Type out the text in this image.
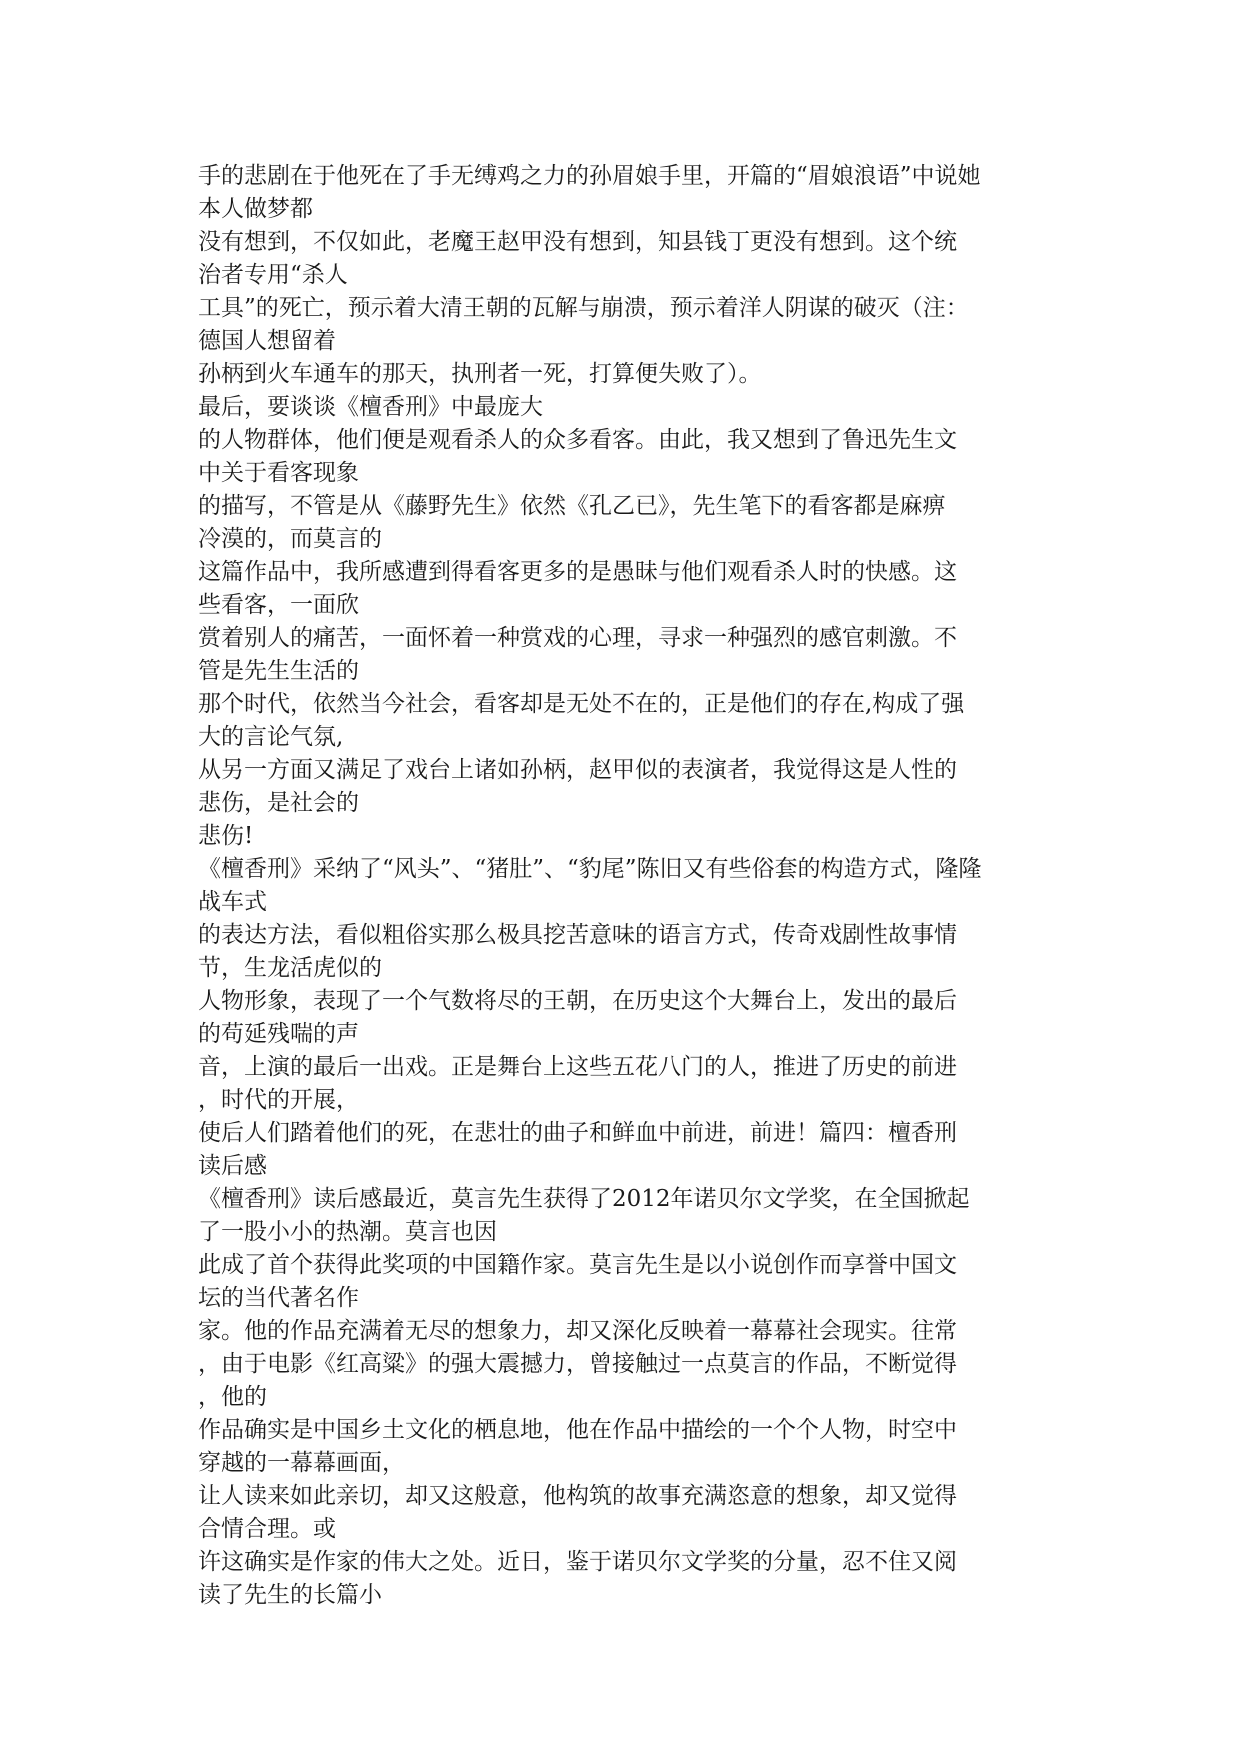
手的悲剧在于他死在了手无缚鸡之力的孙眉娘手里，开篇的“眉娘浪语”中说她
本人做梦都
没有想到，不仅如此，老魔王赵甲没有想到，知县钱丁更没有想到。这个统
治者专用“杀人
工具”的死亡，预示着大清王朝的瓦解与崩溃，预示着洋人阴谋的破灭（注：
德国人想留着
孙柄到火车通车的那天，执刑者一死，打算便失败了）。
最后，要谈谈《檀香刑》中最庞大
的人物群体，他们便是观看杀人的众多看客。由此，我又想到了鲁迅先生文
中关于看客现象
的描写，不管是从《藤野先生》依然《孔乙已》，先生笔下的看客都是麻痹
冷漠的，而莫言的
这篇作品中，我所感遭到得看客更多的是愚昧与他们观看杀人时的快感。这
些看客，一面欣
赏着别人的痛苦，一面怀着一种赏戏的心理，寻求一种强烈的感官刺激。不
管是先生生活的
那个时代，依然当今社会，看客却是无处不在的，正是他们的存在,构成了强
大的言论气氛,
从另一方面又满足了戏台上诸如孙柄，赵甲似的表演者，我觉得这是人性的
悲伤，是社会的
悲伤!
《檀香刑》采纳了“风头”、“猪肚”、“豹尾”陈旧又有些俗套的构造方式，隆隆
战车式
的表达方法，看似粗俗实那么极具挖苦意味的语言方式，传奇戏剧性故事情
节，生龙活虎似的
人物形象，表现了一个气数将尽的王朝，在历史这个大舞台上，发出的最后
的苟延残喘的声
音，上演的最后一出戏。正是舞台上这些五花八门的人，推进了历史的前进
，时代的开展，
使后人们踏着他们的死，在悲壮的曲子和鲜血中前进，前进！篇四：檀香刑
读后感
《檀香刑》读后感最近，莫言先生获得了2012年诺贝尔文学奖，在全国掀起
了一股小小的热潮。莫言也因
此成了首个获得此奖项的中国籍作家。莫言先生是以小说创作而享誉中国文
坛的当代著名作
家。他的作品充满着无尽的想象力，却又深化反映着一幕幕社会现实。往常
，由于电影《红高粱》的强大震撼力，曾接触过一点莫言的作品，不断觉得
，他的
作品确实是中国乡土文化的栖息地，他在作品中描绘的一个个人物，时空中
穿越的一幕幕画面，
让人读来如此亲切，却又这般意，他构筑的故事充满恣意的想象，却又觉得
合情合理。或
许这确实是作家的伟大之处。近日，鉴于诺贝尔文学奖的分量，忍不住又阅
读了先生的长篇小
